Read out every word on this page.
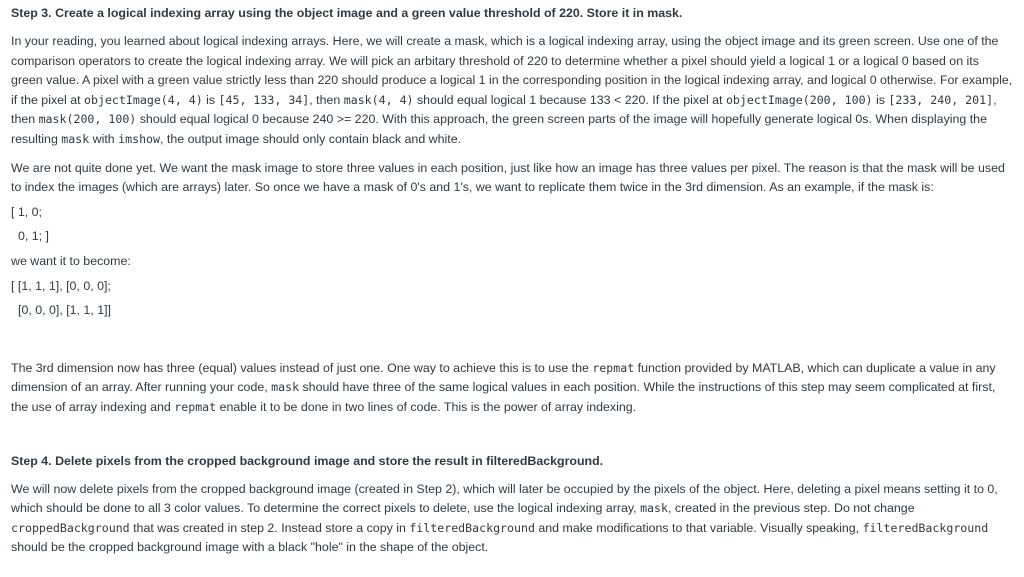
Step 3. Create a logical indexing array using the object image and a green value threshold of 220. Store it in mask.

In your reading, you learned about logical indexing arrays. Here, we will create a mask, which is a logical indexing array, using the object image and its green screen. Use one of the comparison operators to create the logical indexing array. We will pick an arbitary threshold of 220 to determine whether a pixel should yield a logical 1 or a logical 0 based on its green value. A pixel with a green value strictly less than 220 should produce a logical 1 in the corresponding position in the logical indexing array, and logical 0 otherwise. For example, if the pixel at objectImage(4, 4) is [45, 133, 34], then mask(4, 4) should equal logical 1 because 133 < 220. If the pixel at objectImage(200, 100) is [233, 240, 201], then mask(200, 100) should equal logical 0 because 240 >= 220. With this approach, the green screen parts of the image will hopefully generate logical 0s. When displaying the resulting mask with imshow, the output image should only contain black and white.

We are not quite done yet. We want the mask image to store three values in each position, just like how an image has three values per pixel. The reason is that the mask will be used to index the images (which are arrays) later. So once we have a mask of 0's and 1's, we want to replicate them twice in the 3rd dimension. As an example, if the mask is:

[ 1, 0;

0, 1; ]

we want it to become:

[ [1, 1, 1], [0, 0, 0];

[0, 0, 0], [1, 1, 1]]

The 3rd dimension now has three (equal) values instead of just one. One way to achieve this is to use the repmat function provided by MATLAB, which can duplicate a value in any dimension of an array. After running your code, mask should have three of the same logical values in each position. While the instructions of this step may seem complicated at first, the use of array indexing and repmat enable it to be done in two lines of code. This is the power of array indexing.

Step 4. Delete pixels from the cropped background image and store the result in filteredBackground.

We will now delete pixels from the cropped background image (created in Step 2), which will later be occupied by the pixels of the object. Here, deleting a pixel means setting it to 0, which should be done to all 3 color values. To determine the correct pixels to delete, use the logical indexing array, mask, created in the previous step. Do not change croppedBackground that was created in step 2. Instead store a copy in filteredBackground and make modifications to that variable. Visually speaking, filteredBackground should be the cropped background image with a black "hole" in the shape of the object.
